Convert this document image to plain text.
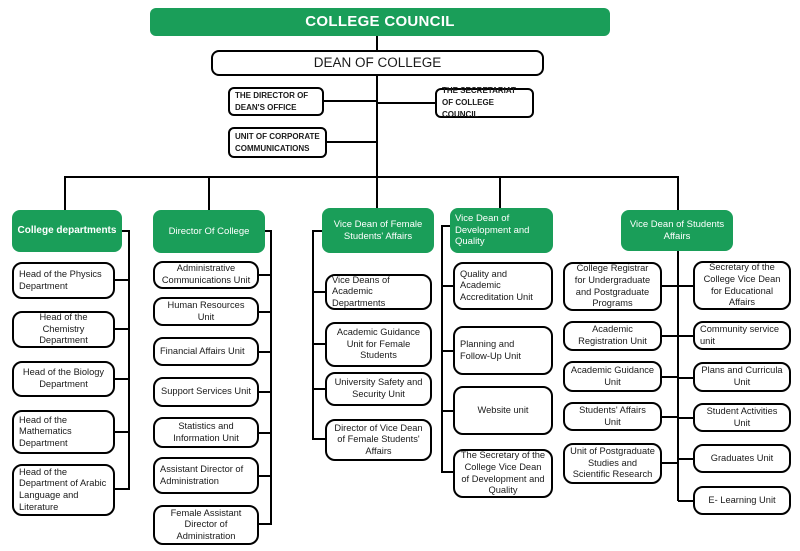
COLLEGE COUNCIL
DEAN OF COLLEGE
THE DIRECTOR OF DEAN'S OFFICE
THE SECRETARIAT OF COLLEGE COUNCIL
UNIT OF CORPORATE COMMUNICATIONS
College departments
Head of the Physics Department
Head of the Chemistry Department
Head of the Biology Department
Head of the Mathematics Department
Head of the Department of Arabic Language and Literature
Director Of College
Administrative Communications Unit
Human Resources Unit
Financial Affairs Unit
Support Services Unit
Statistics and Information Unit
Assistant Director of Administration
Female Assistant Director of Administration
Vice Dean of Female Students' Affairs
Vice Deans of Academic Departments
Academic Guidance Unit for Female Students
University Safety and Security Unit
Director of Vice Dean of Female Students' Affairs
Vice Dean of Development and Quality
Quality and Academic Accreditation Unit
Planning and Follow-Up Unit
Website unit
The Secretary of the College Vice Dean of Development and Quality
Vice Dean of Students Affairs
College Registrar for Undergraduate and Postgraduate Programs
Academic Registration Unit
Academic Guidance Unit
Students' Affairs Unit
Unit of Postgraduate Studies and Scientific Research
Secretary of the College Vice Dean for Educational Affairs
Community service unit
Plans and Curricula Unit
Student Activities Unit
Graduates Unit
E- Learning Unit
